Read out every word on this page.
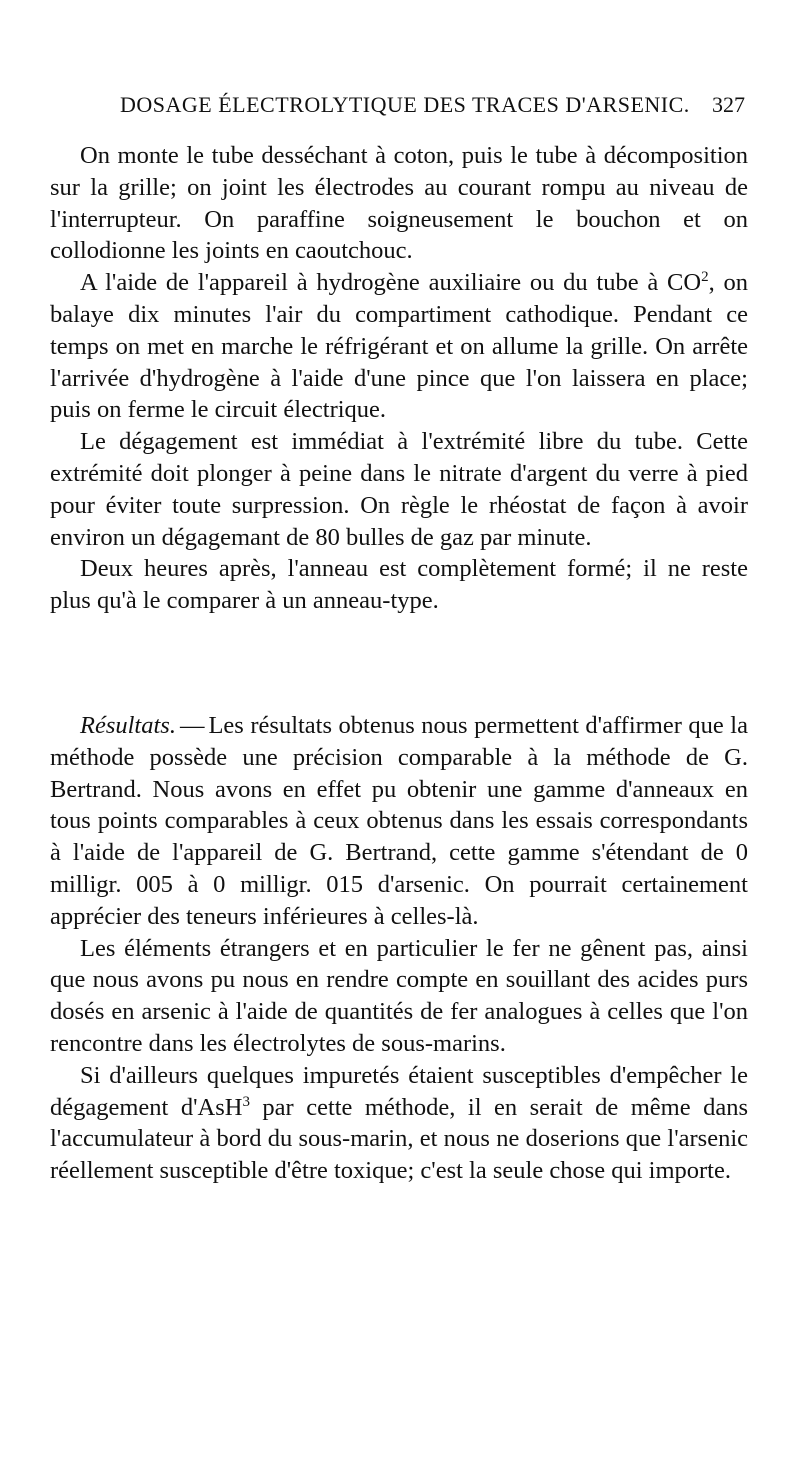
DOSAGE ÉLECTROLYTIQUE DES TRACES D'ARSENIC. 327

On monte le tube desséchant à coton, puis le tube à décomposition sur la grille; on joint les électrodes au courant rompu au niveau de l'interrupteur. On paraffine soigneusement le bouchon et on collodionne les joints en caoutchouc.

A l'aide de l'appareil à hydrogène auxiliaire ou du tube à $CO^2$, on balaye dix minutes l'air du compartiment cathodique. Pendant ce temps on met en marche le réfrigérant et on allume la grille. On arrête l'arrivée d'hydrogène à l'aide d'une pince que l'on laissera en place; puis on ferme le circuit électrique.

Le dégagement est immédiat à l'extrémité libre du tube. Cette extrémité doit plonger à peine dans le nitrate d'argent du verre à pied pour éviter toute surpression. On règle le rhéostat de façon à avoir environ un dégagemant de 80 bulles de gaz par minute.

Deux heures après, l'anneau est complètement formé; il ne reste plus qu'à le comparer à un anneau-type.

Résultats. — Les résultats obtenus nous permettent d'affirmer que la méthode possède une précision comparable à la méthode de G. Bertrand. Nous avons en effet pu obtenir une gamme d'anneaux en tous points comparables à ceux obtenus dans les essais correspondants à l'aide de l'appareil de G. Bertrand, cette gamme s'étendant de 0 milligr. 005 à 0 milligr. 015 d'arsenic. On pourrait certainement apprécier des teneurs inférieures à celles-là.

Les éléments étrangers et en particulier le fer ne gênent pas, ainsi que nous avons pu nous en rendre compte en souillant des acides purs dosés en arsenic à l'aide de quantités de fer analogues à celles que l'on rencontre dans les électrolytes de sous-marins.

Si d'ailleurs quelques impuretés étaient susceptibles d'empêcher le dégagement d'AsH$^3$ par cette méthode, il en serait de même dans l'accumulateur à bord du sous-marin, et nous ne doserions que l'arsenic réellement susceptible d'être toxique; c'est la seule chose qui importe.
